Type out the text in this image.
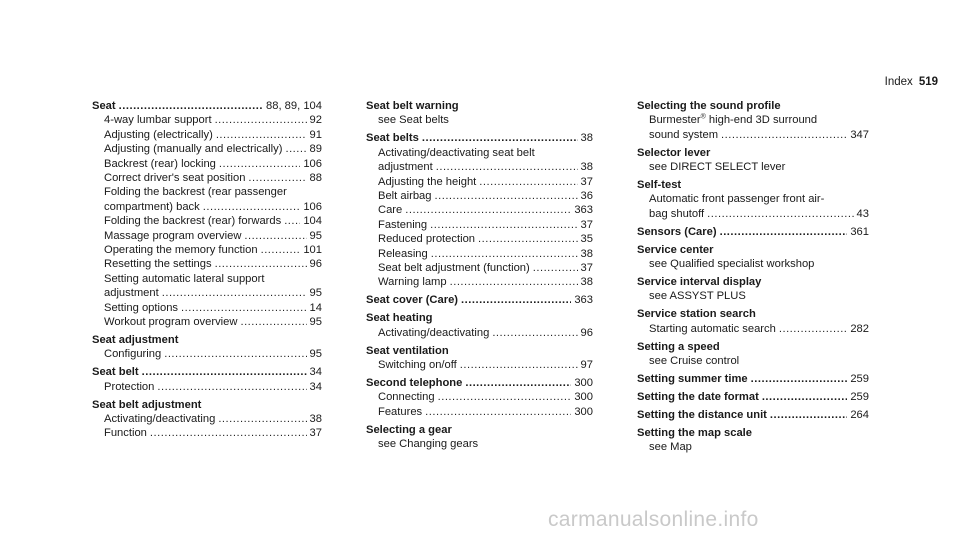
Index 519
Seat .....	88, 89, 104
4-way lumbar support .....	92
Adjusting (electrically) .....	91
Adjusting (manually and electrically) ..... 89
Backrest (rear) locking .....	106
Correct driver's seat position .....	88
Folding the backrest (rear passenger
compartment) back .....	106
Folding the backrest (rear) forwards ..... 104
Massage program overview .....	95
Operating the memory function .....	101
Resetting the settings .....	96
Setting automatic lateral support
adjustment .....	95
Setting options .....	14
Workout program overview .....	95
Seat adjustment
Configuring .....	95
Seat belt .....	34
Protection .....	34
Seat belt adjustment
Activating/deactivating .....	38
Function .....	37
Seat belt warning
see Seat belts
Seat belts .....	38
Activating/deactivating seat belt
adjustment .....	38
Adjusting the height .....	37
Belt airbag .....	36
Care .....	363
Fastening .....	37
Reduced protection .....	35
Releasing .....	38
Seat belt adjustment (function) .....	37
Warning lamp .....	38
Seat cover (Care) .....	363
Seat heating
Activating/deactivating .....	96
Seat ventilation
Switching on/off .....	97
Second telephone .....	300
Connecting .....	300
Features .....	300
Selecting a gear
see Changing gears
Selecting the sound profile
Burmester® high-end 3D surround
sound system .....	347
Selector lever
see DIRECT SELECT lever
Self-test
Automatic front passenger front air-
bag shutoff .....	43
Sensors (Care) .....	361
Service center
see Qualified specialist workshop
Service interval display
see ASSYST PLUS
Service station search
Starting automatic search .....	282
Setting a speed
see Cruise control
Setting summer time .....	259
Setting the date format .....	259
Setting the distance unit .....	264
Setting the map scale
see Map
carmanualsonline.info
